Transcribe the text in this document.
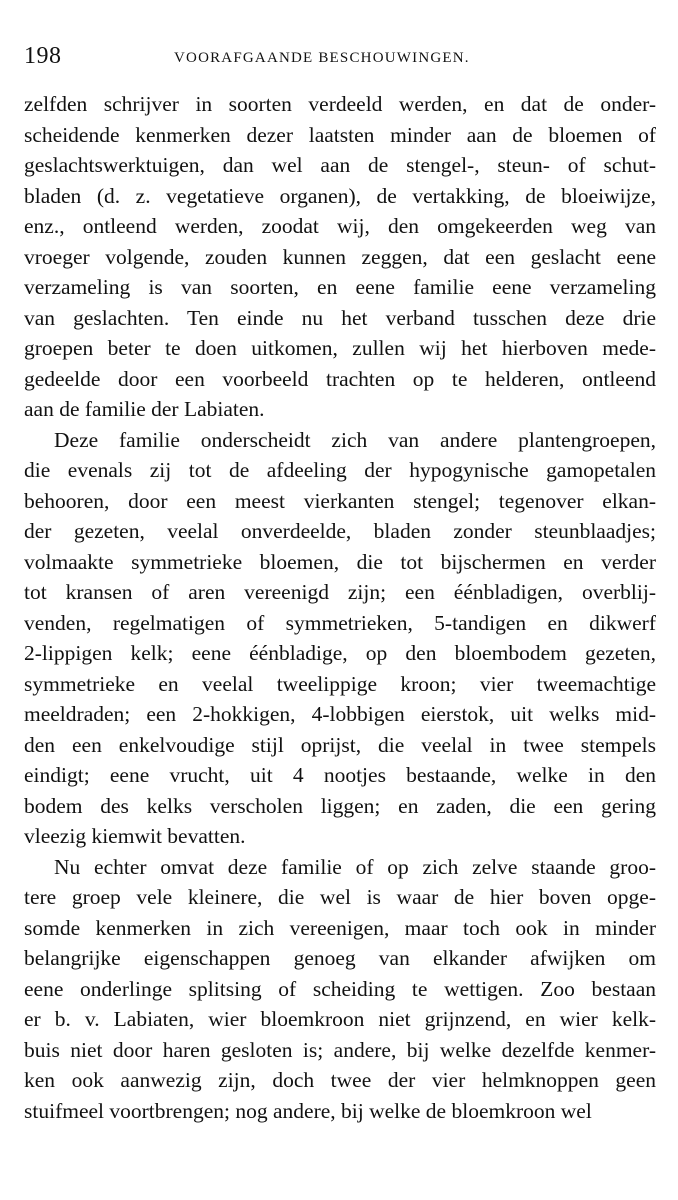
198	VOORAFGAANDE BESCHOUWINGEN.
zelfden schrijver in soorten verdeeld werden, en dat de onder-
scheidende kenmerken dezer laatsten minder aan de bloemen of
geslachtswerktuigen, dan wel aan de stengel-, steun- of schut-
bladen (d. z. vegetatieve organen), de vertakking, de bloeiwijze,
enz., ontleend werden, zoodat wij, den omgekeerden weg van
vroeger volgende, zouden kunnen zeggen, dat een geslacht eene
verzameling is van soorten, en eene familie eene verzameling
van geslachten. Ten einde nu het verband tusschen deze drie
groepen beter te doen uitkomen, zullen wij het hierboven mede-
gedeelde door een voorbeeld trachten op te helderen, ontleend
aan de familie der Labiaten.
Deze familie onderscheidt zich van andere plantengroepen,
die evenals zij tot de afdeeling der hypogynische gamopetalen
behooren, door een meest vierkanten stengel; tegenover elkan-
der gezeten, veelal onverdeelde, bladen zonder steunblaadjes;
volmaakte symmetrieke bloemen, die tot bijschermen en verder
tot kransen of aren vereenigd zijn; een éénbladigen, overblij-
venden, regelmatigen of symmetrieken, 5-tandigen en dikwerf
2-lippigen kelk; eene éénbladige, op den bloembodem gezeten,
symmetrieke en veelal tweelippige kroon; vier tweemachtige
meeldraden; een 2-hokkigen, 4-lobbigen eierstok, uit welks mid-
den een enkelvoudige stijl oprijst, die veelal in twee stempels
eindigt; eene vrucht, uit 4 nootjes bestaande, welke in den
bodem des kelks verscholen liggen; en zaden, die een gering
vleezig kiemwit bevatten.
Nu echter omvat deze familie of op zich zelve staande groo-
tere groep vele kleinere, die wel is waar de hier boven opge-
somde kenmerken in zich vereenigen, maar toch ook in minder
belangrijke eigenschappen genoeg van elkander afwijken om
eene onderlinge splitsing of scheiding te wettigen. Zoo bestaan
er b. v. Labiaten, wier bloemkroon niet grijnzend, en wier kelk-
buis niet door haren gesloten is; andere, bij welke dezelfde kenmer-
ken ook aanwezig zijn, doch twee der vier helmknoppen geen
stuifmeel voortbrengen; nog andere, bij welke de bloemkroon wel
